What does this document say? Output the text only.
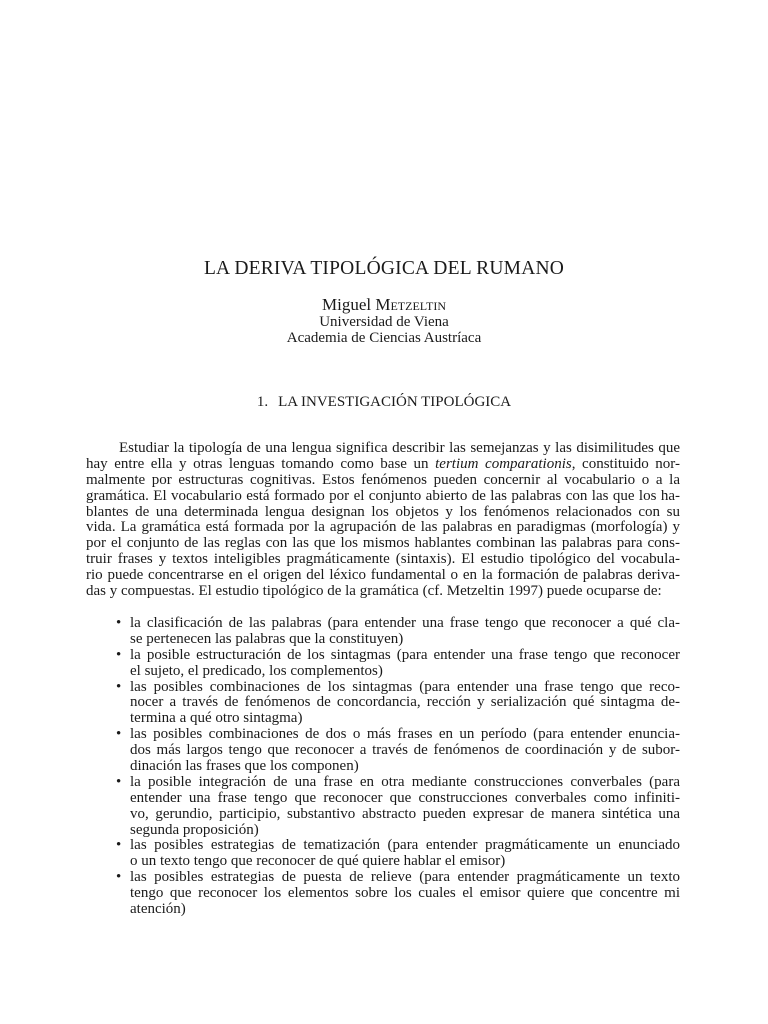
LA DERIVA TIPOLÓGICA DEL RUMANO
Miguel Metzeltin
Universidad de Viena
Academia de Ciencias Austríaca
1. LA INVESTIGACIÓN TIPOLÓGICA
Estudiar la tipología de una lengua significa describir las semejanzas y las disimilitudes que
hay entre ella y otras lenguas tomando como base un tertium comparationis, constituido nor-
malmente por estructuras cognitivas. Estos fenómenos pueden concernir al vocabulario o a la
gramática. El vocabulario está formado por el conjunto abierto de las palabras con las que los ha-
blantes de una determinada lengua designan los objetos y los fenómenos relacionados con su
vida. La gramática está formada por la agrupación de las palabras en paradigmas (morfología) y
por el conjunto de las reglas con las que los mismos hablantes combinan las palabras para cons-
truir frases y textos inteligibles pragmáticamente (sintaxis). El estudio tipológico del vocabula-
rio puede concentrarse en el origen del léxico fundamental o en la formación de palabras deriva-
das y compuestas. El estudio tipológico de la gramática (cf. Metzeltin 1997) puede ocuparse de:
• la clasificación de las palabras (para entender una frase tengo que reconocer a qué cla-
se pertenecen las palabras que la constituyen)
• la posible estructuración de los sintagmas (para entender una frase tengo que reconocer
el sujeto, el predicado, los complementos)
• las posibles combinaciones de los sintagmas (para entender una frase tengo que reco-
nocer a través de fenómenos de concordancia, rección y serialización qué sintagma de-
termina a qué otro sintagma)
• las posibles combinaciones de dos o más frases en un período (para entender enuncia-
dos más largos tengo que reconocer a través de fenómenos de coordinación y de subor-
dinación las frases que los componen)
• la posible integración de una frase en otra mediante construcciones converbales (para
entender una frase tengo que reconocer que construcciones converbales como infiniti-
vo, gerundio, participio, substantivo abstracto pueden expresar de manera sintética una
segunda proposición)
• las posibles estrategias de tematización (para entender pragmáticamente un enunciado
o un texto tengo que reconocer de qué quiere hablar el emisor)
• las posibles estrategias de puesta de relieve (para entender pragmáticamente un texto
tengo que reconocer los elementos sobre los cuales el emisor quiere que concentre mi
atención)
